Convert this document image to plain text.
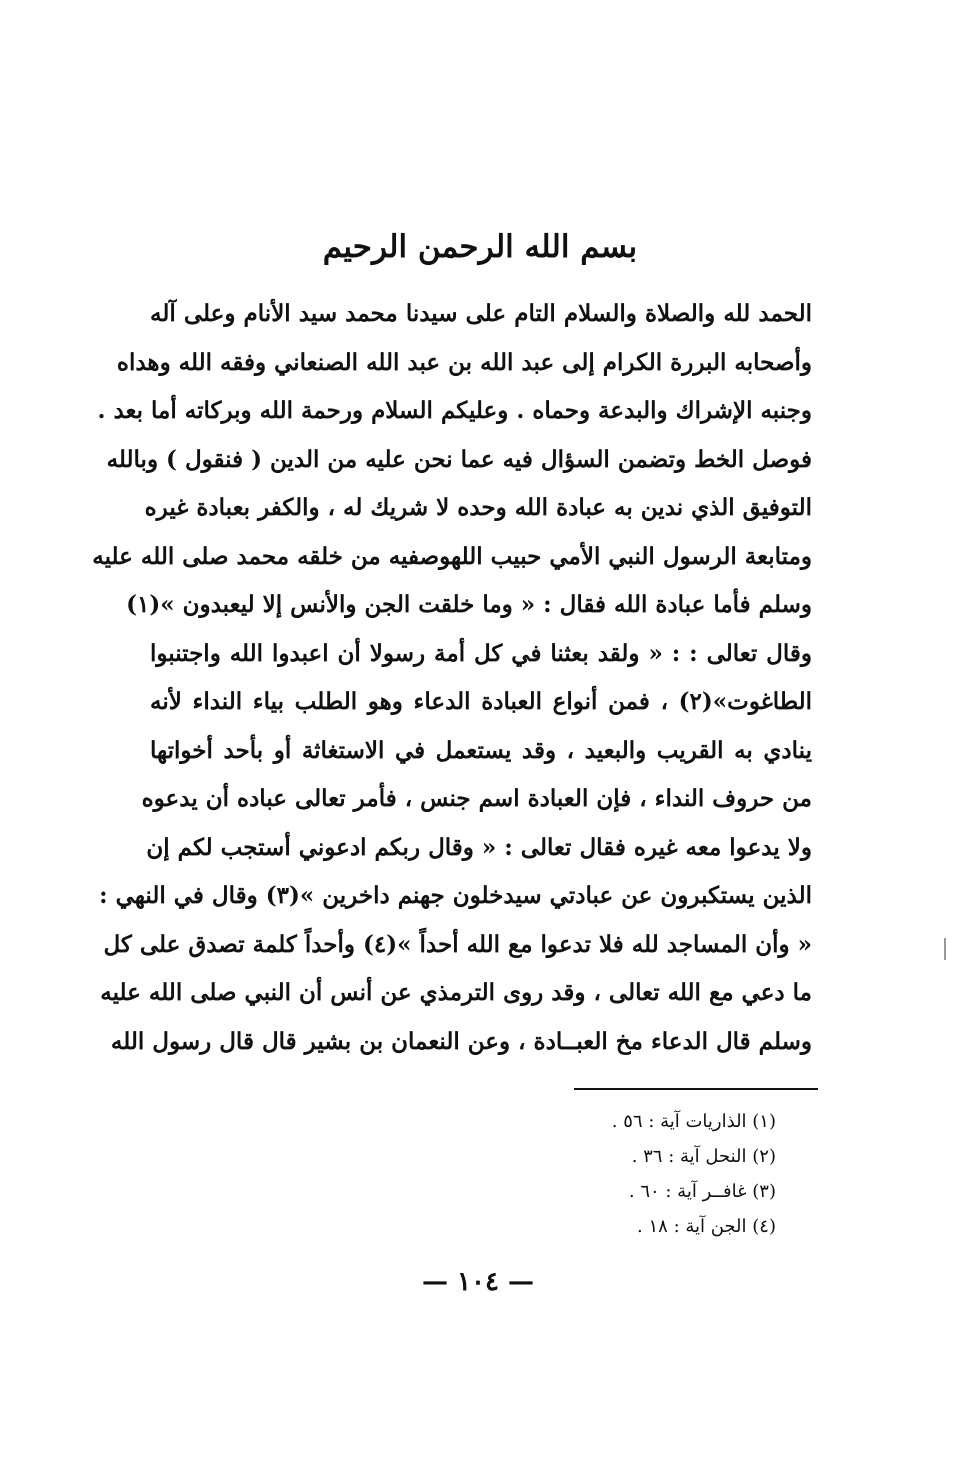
بسم الله الرحمن الرحيم
الحمد لله والصلاة والسلام التام على سيدنا محمد سيد الأنام وعلى آله
وأصحابه البررة الكرام إلى عبد الله بن عبد الله الصنعاني وفقه الله وهداه
وجنبه الإشراك والبدعة وحماه . وعليكم السلام ورحمة الله وبركاته أما بعد .
فوصل الخط وتضمن السؤال فيه عما نحن عليه من الدين ( فنقول ) وبالله
التوفيق الذي ندين به عبادة الله وحده لا شريك له ، والكفر بعبادة غيره
ومتابعة الرسول النبي الأمي حبيب اللهوصفيه من خلقه محمد صلى الله عليه
وسلم فأما عبادة الله فقال : « وما خلقت الجن والأنس إلا ليعبدون »(١)
وقال تعالى : : « ولقد بعثنا في كل أمة رسولا أن اعبدوا الله واجتنبوا
الطاغوت»(٢) ، فمن أنواع العبادة الدعاء وهو الطلب بياء النداء لأنه
ينادي به القريب والبعيد ، وقد يستعمل في الاستغاثة أو بأحد أخواتها
من حروف النداء ، فإن العبادة اسم جنس ، فأمر تعالى عباده أن يدعوه
ولا يدعوا معه غيره فقال تعالى : « وقال ربكم ادعوني أستجب لكم إن
الذين يستكبرون عن عبادتي سيدخلون جهنم داخرين »(٣) وقال في النهي :
« وأن المساجد لله فلا تدعوا مع الله أحداً »(٤) وأحداً كلمة تصدق على كل
ما دعي مع الله تعالى ، وقد روى الترمذي عن أنس أن النبي صلى الله عليه
وسلم قال الدعاء مخ العبــادة ، وعن النعمان بن بشير قال قال رسول الله
(١) الذاريات آية : ٥٦ .
(٢) النحل آية : ٣٦ .
(٣) غافــر آية : ٦٠ .
(٤) الجن آية : ١٨ .
— ١٠٤ —
